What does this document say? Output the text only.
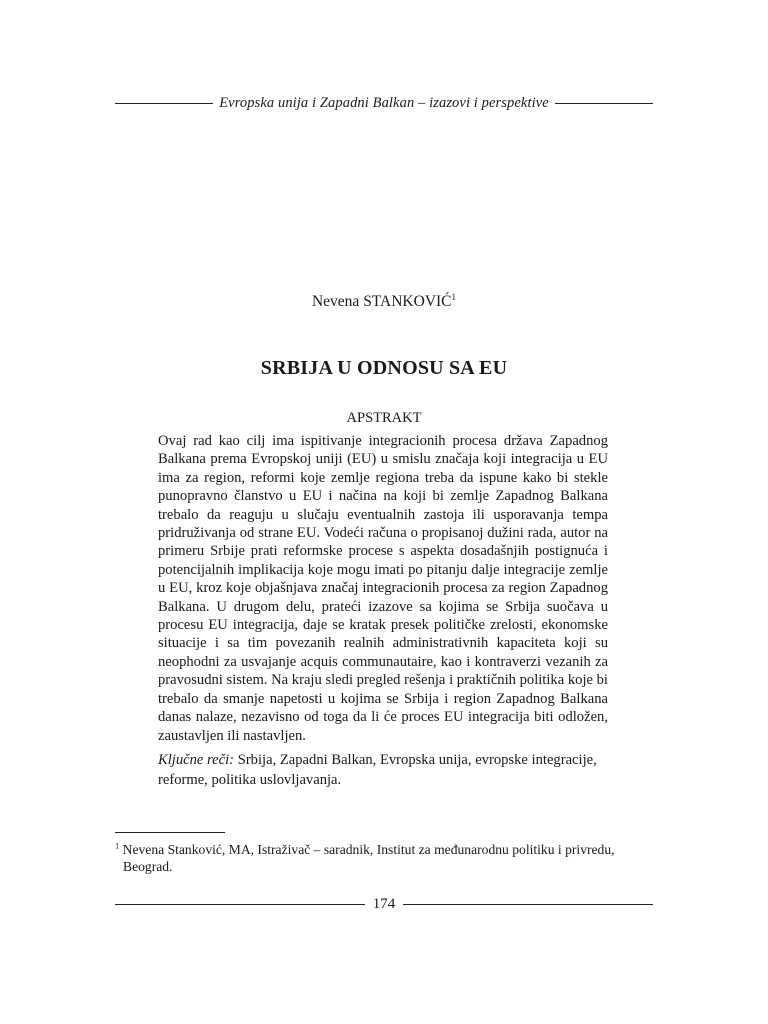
Evropska unija i Zapadni Balkan – izazovi i perspektive
Nevena STANKOVIĆ$^1$
SRBIJA U ODNOSU SA EU
APSTRAKT

Ovaj rad kao cilj ima ispitivanje integracionih procesa država Zapadnog Balkana prema Evropskoj uniji (EU) u smislu značaja koji integracija u EU ima za region, reformi koje zemlje regiona treba da ispune kako bi stekle punopravno članstvo u EU i načina na koji bi zemlje Zapadnog Balkana trebalo da reaguju u slučaju eventualnih zastoja ili usporavanja tempa pridruživanja od strane EU. Vodeći računa o propisanoj dužini rada, autor na primeru Srbije prati reformske procese s aspekta dosadašnjih postignuća i potencijalnih implikacija koje mogu imati po pitanju dalje integracije zemlje u EU, kroz koje objašnjava značaj integracionih procesa za region Zapadnog Balkana. U drugom delu, prateći izazove sa kojima se Srbija suočava u procesu EU integracija, daje se kratak presek političke zrelosti, ekonomske situacije i sa tim povezanih realnih administrativnih kapaciteta koji su neophodni za usvajanje acquis communautaire, kao i kontraverzi vezanih za pravosudni sistem. Na kraju sledi pregled rešenja i praktičnih politika koje bi trebalo da smanje napetosti u kojima se Srbija i region Zapadnog Balkana danas nalaze, nezavisno od toga da li će proces EU integracija biti odložen, zaustavljen ili nastavljen.

Ključne reči: Srbija, Zapadni Balkan, Evropska unija, evropske integracije, reforme, politika uslovljavanja.

$^1$ Nevena Stanković, MA, Istraživač – saradnik, Institut za međunarodnu politiku i privredu,
Beograd.
174
